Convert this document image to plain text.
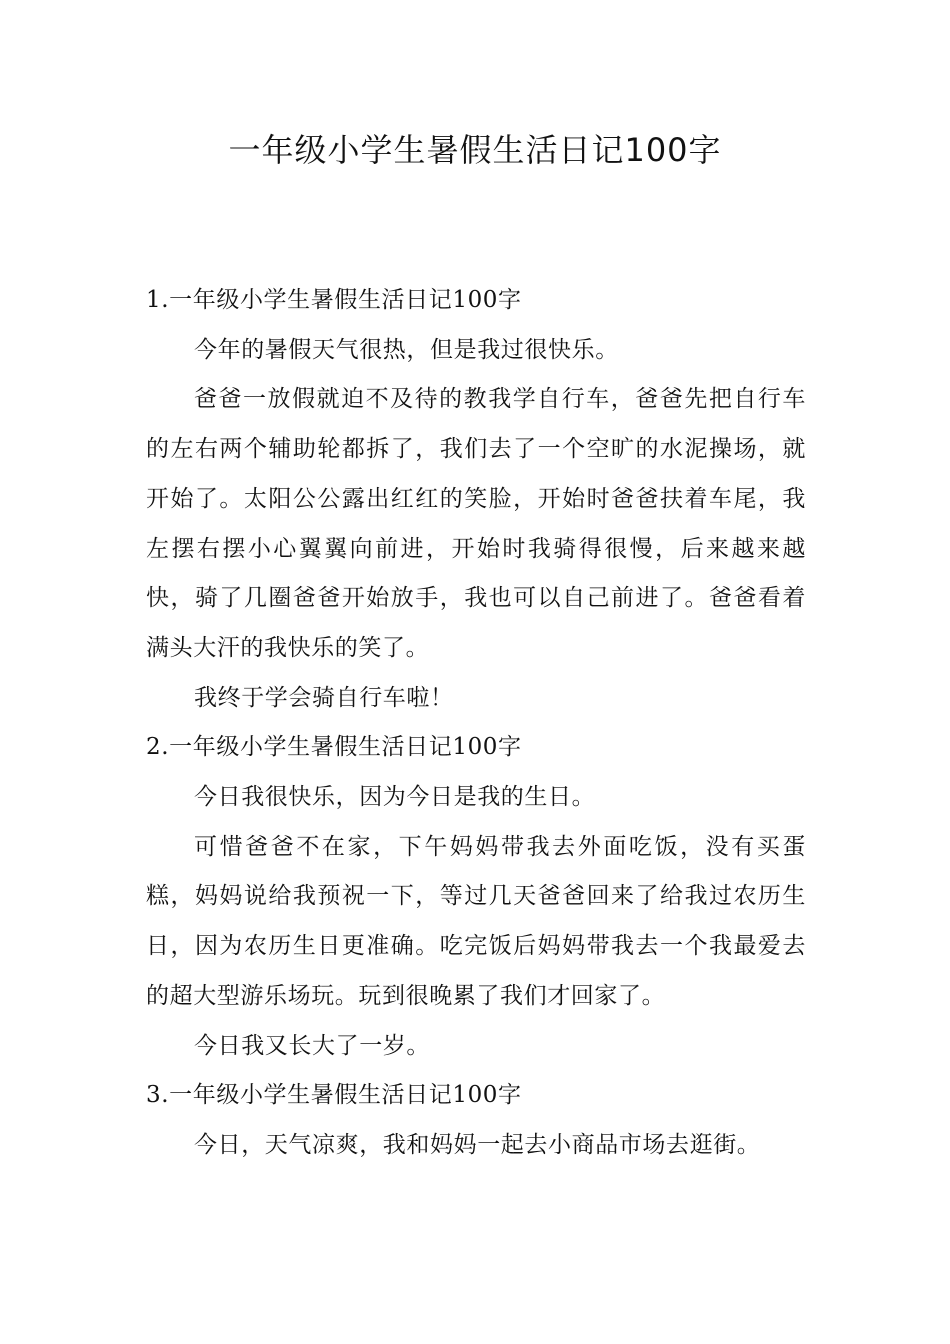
一年级小学生暑假生活日记100字

1.一年级小学生暑假生活日记100字

今年的暑假天气很热，但是我过很快乐。

爸爸一放假就迫不及待的教我学自行车，爸爸先把自行车的左右两个辅助轮都拆了，我们去了一个空旷的水泥操场，就开始了。太阳公公露出红红的笑脸，开始时爸爸扶着车尾，我左摆右摆小心翼翼向前进，开始时我骑得很慢，后来越来越快，骑了几圈爸爸开始放手，我也可以自己前进了。爸爸看着满头大汗的我快乐的笑了。

我终于学会骑自行车啦！

2.一年级小学生暑假生活日记100字

今日我很快乐，因为今日是我的生日。

可惜爸爸不在家，下午妈妈带我去外面吃饭，没有买蛋糕，妈妈说给我预祝一下，等过几天爸爸回来了给我过农历生日，因为农历生日更准确。吃完饭后妈妈带我去一个我最爱去的超大型游乐场玩。玩到很晚累了我们才回家了。

今日我又长大了一岁。

3.一年级小学生暑假生活日记100字

今日，天气凉爽，我和妈妈一起去小商品市场去逛街。
